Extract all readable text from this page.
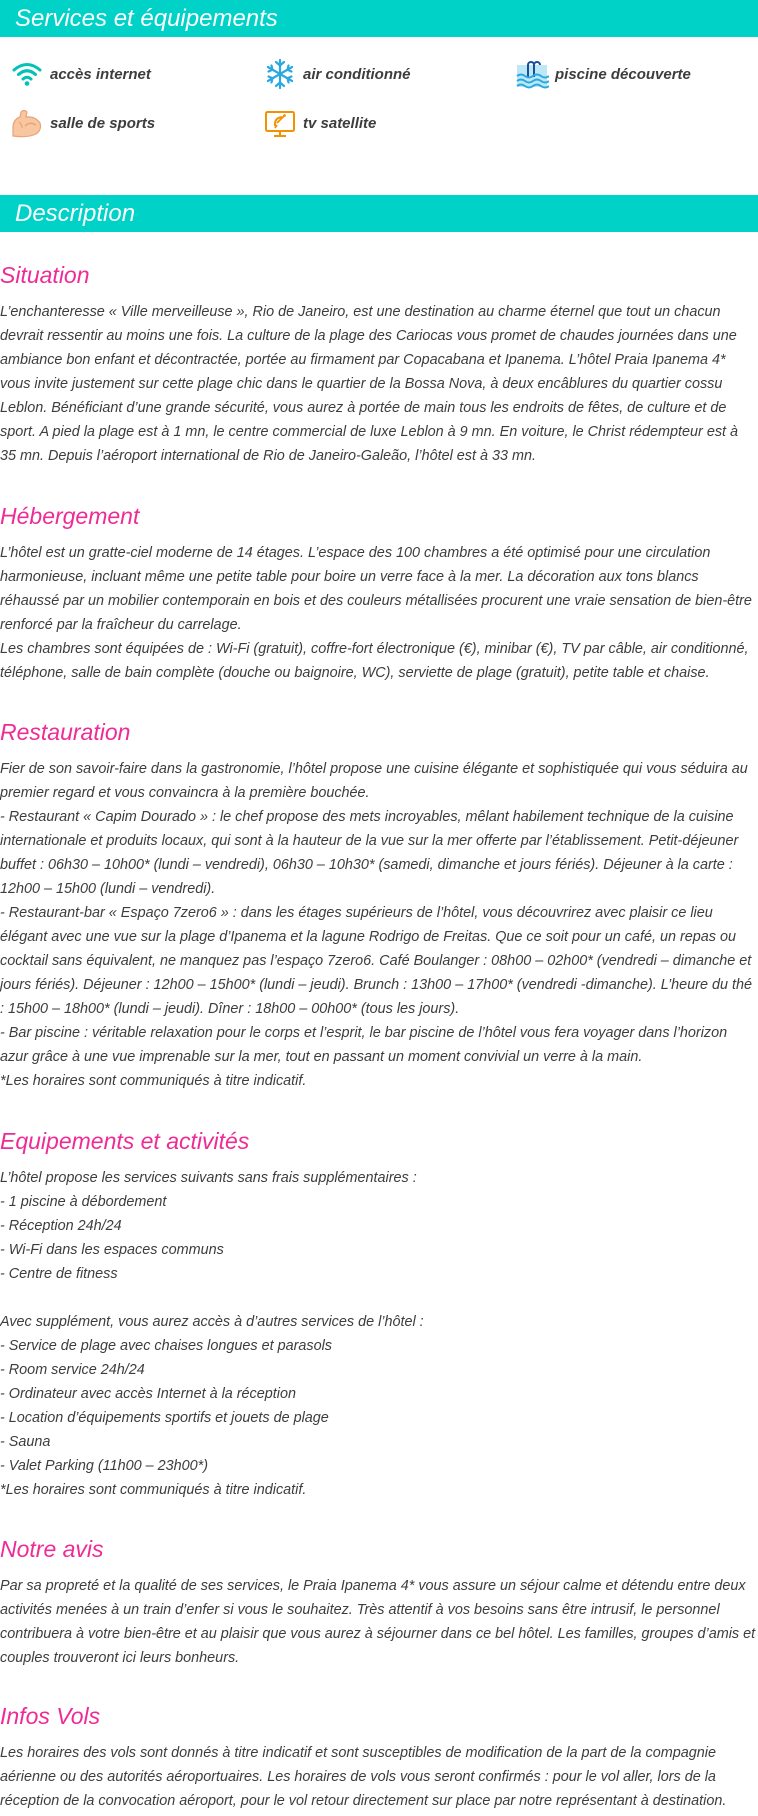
Services et équipements
accès internet	air conditionné	piscine découverte
salle de sports	tv satellite
Description
Situation

L’enchanteresse « Ville merveilleuse », Rio de Janeiro, est une destination au charme éternel que tout un chacun devrait ressentir au moins une fois. La culture de la plage des Cariocas vous promet de chaudes journées dans une ambiance bon enfant et décontractée, portée au firmament par Copacabana et Ipanema. L’hôtel Praia Ipanema 4* vous invite justement sur cette plage chic dans le quartier de la Bossa Nova, à deux encâblures du quartier cossu Leblon. Bénéficiant d’une grande sécurité, vous aurez à portée de main tous les endroits de fêtes, de culture et de sport. A pied la plage est à 1 mn, le centre commercial de luxe Leblon à 9 mn. En voiture, le Christ rédempteur est à 35 mn. Depuis l’aéroport international de Rio de Janeiro-Galeão, l’hôtel est à 33 mn.

Hébergement

L’hôtel est un gratte-ciel moderne de 14 étages. L’espace des 100 chambres a été optimisé pour une circulation harmonieuse, incluant même une petite table pour boire un verre face à la mer. La décoration aux tons blancs réhaussé par un mobilier contemporain en bois et des couleurs métallisées procurent une vraie sensation de bien-être renforcé par la fraîcheur du carrelage.
Les chambres sont équipées de : Wi-Fi (gratuit), coffre-fort électronique (€), minibar (€), TV par câble, air conditionné, téléphone, salle de bain complète (douche ou baignoire, WC), serviette de plage (gratuit), petite table et chaise.

Restauration

Fier de son savoir-faire dans la gastronomie, l’hôtel propose une cuisine élégante et sophistiquée qui vous séduira au premier regard et vous convaincra à la première bouchée.
- Restaurant « Capim Dourado » : le chef propose des mets incroyables, mêlant habilement technique de la cuisine internationale et produits locaux, qui sont à la hauteur de la vue sur la mer offerte par l’établissement. Petit-déjeuner buffet : 06h30 – 10h00* (lundi – vendredi), 06h30 – 10h30* (samedi, dimanche et jours fériés). Déjeuner à la carte : 12h00 – 15h00 (lundi – vendredi).
- Restaurant-bar « Espaço 7zero6 » : dans les étages supérieurs de l’hôtel, vous découvrirez avec plaisir ce lieu élégant avec une vue sur la plage d’Ipanema et la lagune Rodrigo de Freitas. Que ce soit pour un café, un repas ou cocktail sans équivalent, ne manquez pas l’espaço 7zero6. Café Boulanger : 08h00 – 02h00* (vendredi – dimanche et jours fériés). Déjeuner : 12h00 – 15h00* (lundi – jeudi). Brunch : 13h00 – 17h00* (vendredi -dimanche). L’heure du thé : 15h00 – 18h00* (lundi – jeudi). Dîner : 18h00 – 00h00* (tous les jours).
- Bar piscine : véritable relaxation pour le corps et l’esprit, le bar piscine de l’hôtel vous fera voyager dans l’horizon azur grâce à une vue imprenable sur la mer, tout en passant un moment convivial un verre à la main.
*Les horaires sont communiqués à titre indicatif.

Equipements et activités

L’hôtel propose les services suivants sans frais supplémentaires :
- 1 piscine à débordement
- Réception 24h/24
- Wi-Fi dans les espaces communs
- Centre de fitness

Avec supplément, vous aurez accès à d’autres services de l’hôtel :
- Service de plage avec chaises longues et parasols
- Room service 24h/24
- Ordinateur avec accès Internet à la réception
- Location d’équipements sportifs et jouets de plage
- Sauna
- Valet Parking (11h00 – 23h00*)
*Les horaires sont communiqués à titre indicatif.

Notre avis

Par sa propreté et la qualité de ses services, le Praia Ipanema 4* vous assure un séjour calme et détendu entre deux activités menées à un train d’enfer si vous le souhaitez. Très attentif à vos besoins sans être intrusif, le personnel contribuera à votre bien-être et au plaisir que vous aurez à séjourner dans ce bel hôtel. Les familles, groupes d’amis et couples trouveront ici leurs bonheurs.

Infos Vols

Les horaires des vols sont donnés à titre indicatif et sont susceptibles de modification de la part de la compagnie aérienne ou des autorités aéroportuaires. Les horaires de vols vous seront confirmés : pour le vol aller, lors de la réception de la convocation aéroport, pour le vol retour directement sur place par notre représentant à destination.
